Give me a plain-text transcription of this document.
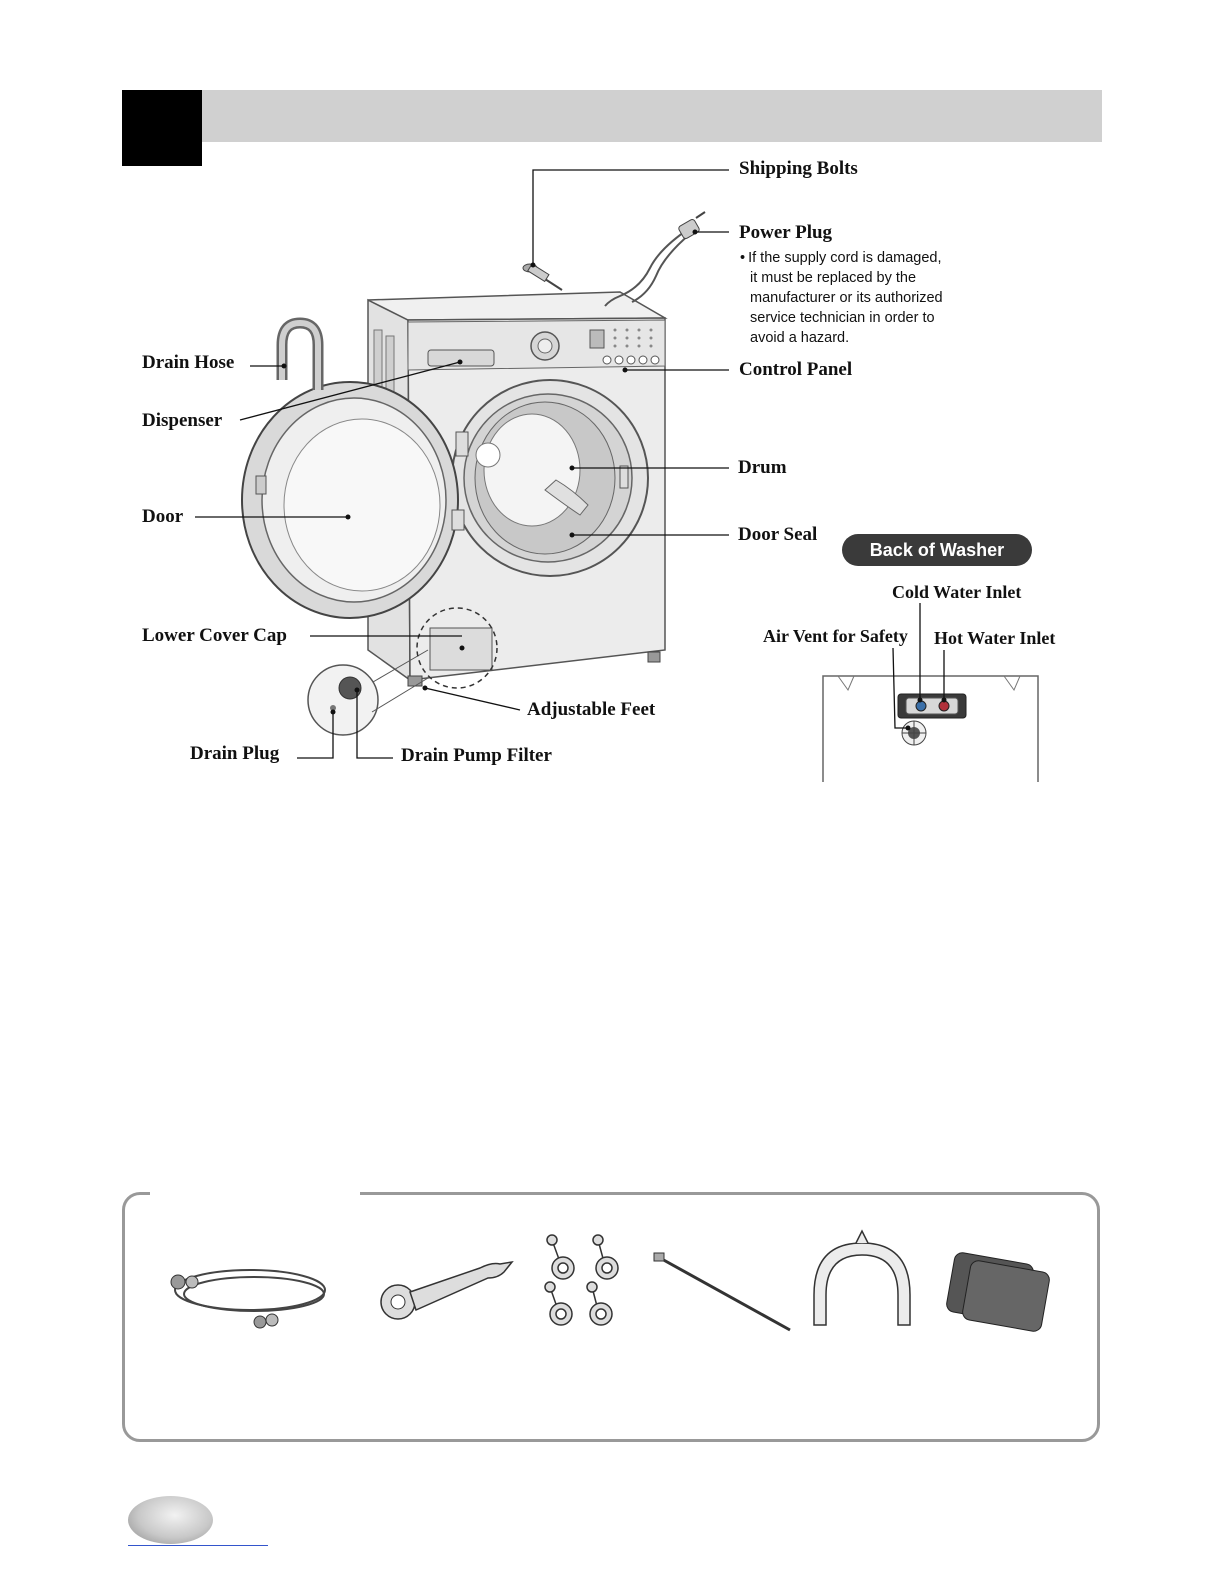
Shipping Bolts
Power Plug
• If the supply cord is damaged,
it must be replaced by the
manufacturer or its authorized
service technician in order to
avoid a hazard.
Control Panel
Drain Hose
Dispenser
Door
Drum
Door Seal
Lower Cover Cap
Adjustable Feet
Drain Plug	Drain Pump Filter
Back of Washer
Cold Water Inlet
Hot Water Inlet
Air Vent for Safety
